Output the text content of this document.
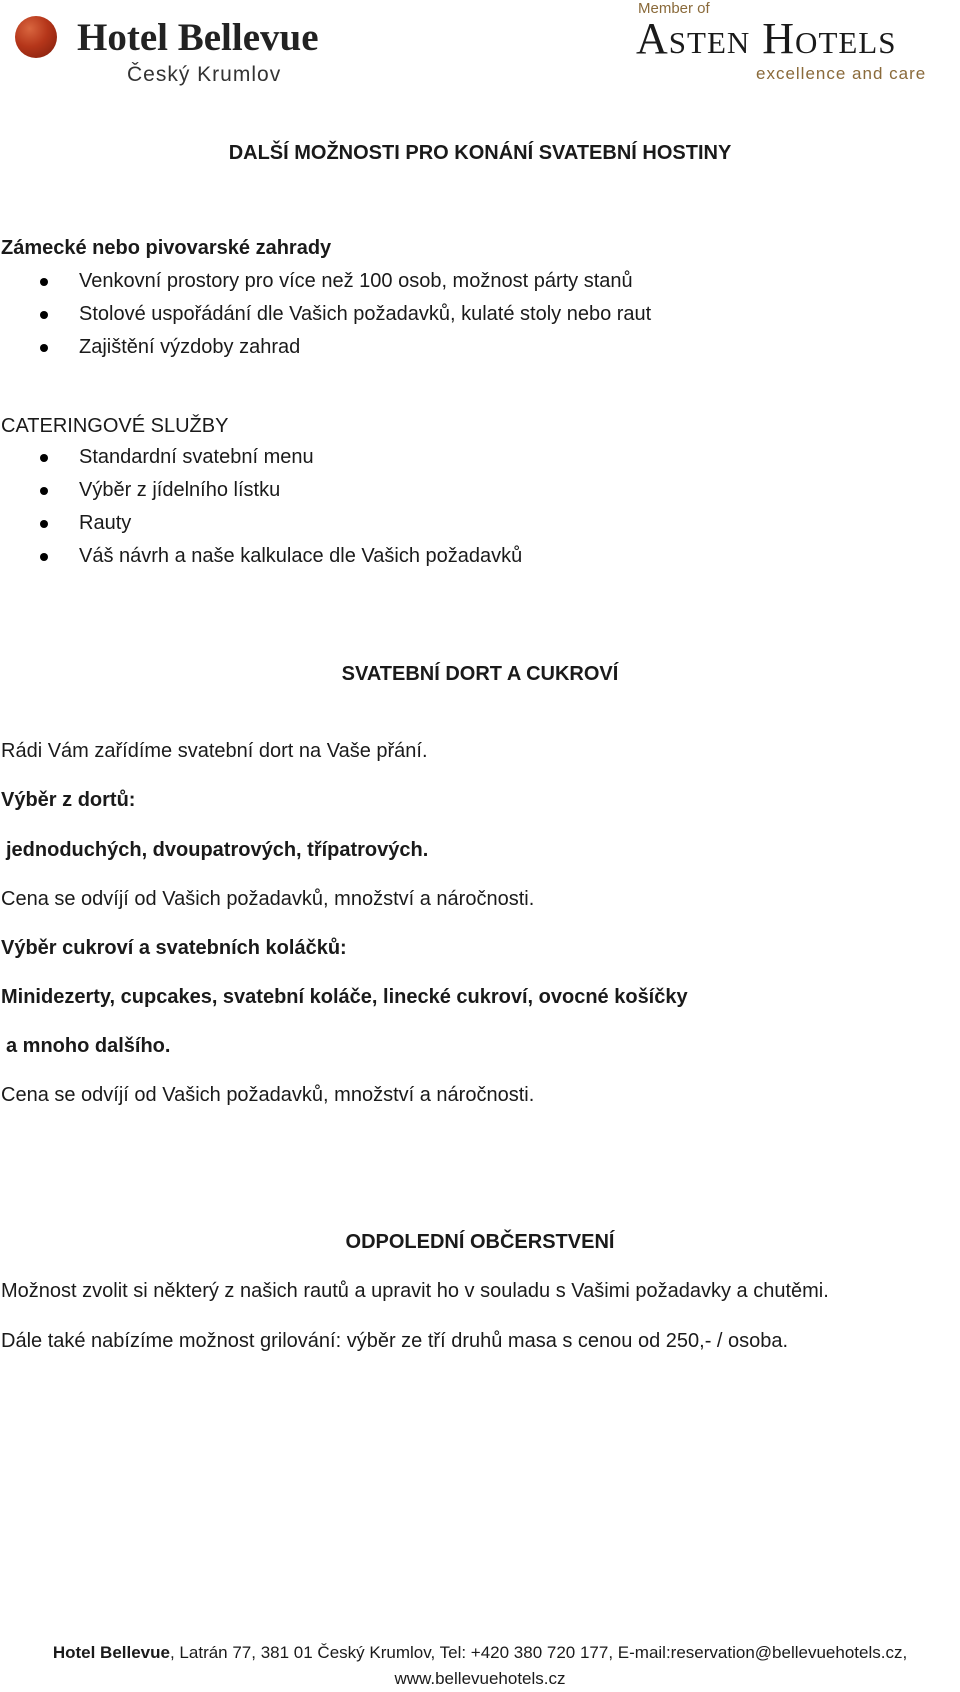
Hotel Bellevue
Český Krumlov
Member of
Asten Hotels
excellence and care
DALŠÍ MOŽNOSTI PRO KONÁNÍ SVATEBNÍ HOSTINY
Zámecké nebo pivovarské zahrady
Venkovní prostory pro více než 100 osob, možnost párty stanů
Stolové uspořádání dle Vašich požadavků, kulaté stoly nebo raut
Zajištění výzdoby zahrad
CATERINGOVÉ SLUŽBY
Standardní svatební menu
Výběr z jídelního lístku
Rauty
Váš návrh a naše kalkulace dle Vašich požadavků
SVATEBNÍ DORT A CUKROVÍ
Rádi Vám zařídíme svatební dort na Vaše přání.
Výběr z dortů:
jednoduchých, dvoupatrových, třípatrových.
Cena se odvíjí od Vašich požadavků, množství a náročnosti.
Výběr cukroví a svatebních koláčků:
Minidezerty, cupcakes, svatební koláče, linecké cukroví, ovocné košíčky
a mnoho dalšího.
Cena se odvíjí od Vašich požadavků, množství a náročnosti.
ODPOLEDNÍ OBČERSTVENÍ
Možnost zvolit si některý z našich rautů a upravit ho v souladu s Vašimi požadavky a chutěmi.
Dále také nabízíme možnost grilování: výběr ze tří druhů masa s cenou od 250,- / osoba.
Hotel Bellevue, Latrán 77, 381 01 Český Krumlov, Tel: +420 380 720 177, E-mail:reservation@bellevuehotels.cz,
www.bellevuehotels.cz
